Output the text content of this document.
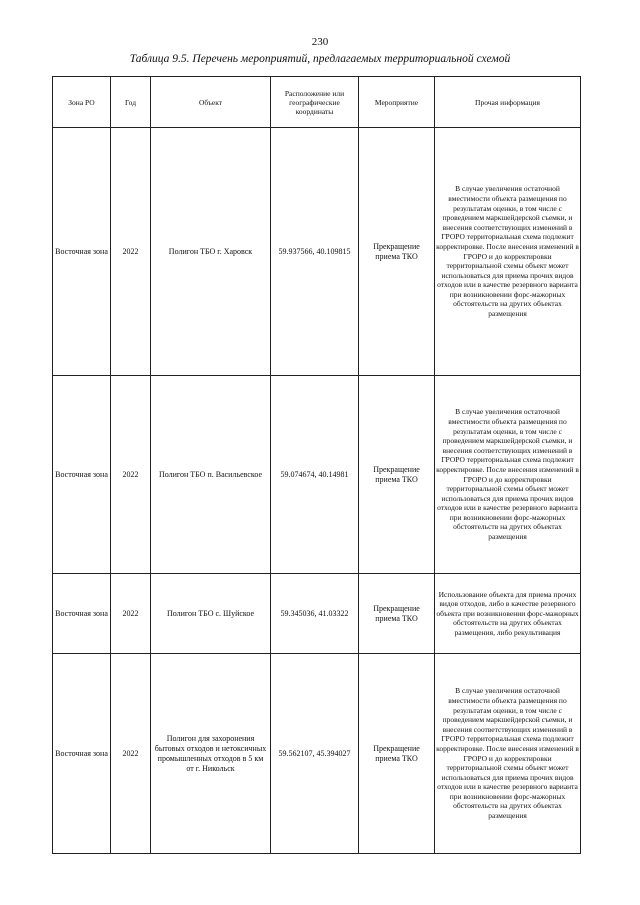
230
Таблица 9.5. Перечень мероприятий, предлагаемых территориальной схемой
Зона РО	Год	Объект	Расположение или географические координаты	Мероприятие	Прочая информация
Восточная зона	2022	Полигон ТБО г. Харовск	59.937566, 40.109815	Прекращение приема ТКО	В случае увеличения остаточной вместимости объекта размещения по результатам оценки, в том числе с проведением маркшейдерской съемки, и внесения соответствующих изменений в ГРОРО территориальная схема подлежит корректировке. После внесения изменений в ГРОРО и до корректировки территориальной схемы объект может использоваться для приема прочих видов отходов или в качестве резервного варианта при возникновении форс-мажорных обстоятельств на других объектах размещения
Восточная зона	2022	Полигон ТБО п. Васильевское	59.074674, 40.14981	Прекращение приема ТКО	В случае увеличения остаточной вместимости объекта размещения по результатам оценки, в том числе с проведением маркшейдерской съемки, и внесения соответствующих изменений в ГРОРО территориальная схема подлежит корректировке. После внесения изменений в ГРОРО и до корректировки территориальной схемы объект может использоваться для приема прочих видов отходов или в качестве резервного варианта при возникновении форс-мажорных обстоятельств на других объектах размещения
Восточная зона	2022	Полигон ТБО с. Шуйское	59.345036, 41.03322	Прекращение приема ТКО	Использование объекта для приема прочих видов отходов, либо в качестве резервного объекта при возникновении форс-мажорных обстоятельств на других объектах размещения, либо рекультивация
Восточная зона	2022	Полигон для захоронения бытовых отходов и нетоксичных промышленных отходов в 5 км от г. Никольск	59.562107, 45.394027	Прекращение приема ТКО	В случае увеличения остаточной вместимости объекта размещения по результатам оценки, в том числе с проведением маркшейдерской съемки, и внесения соответствующих изменений в ГРОРО территориальная схема подлежит корректировке. После внесения изменений в ГРОРО и до корректировки территориальной схемы объект может использоваться для приема прочих видов отходов или в качестве резервного варианта при возникновении форс-мажорных обстоятельств на других объектах размещения
